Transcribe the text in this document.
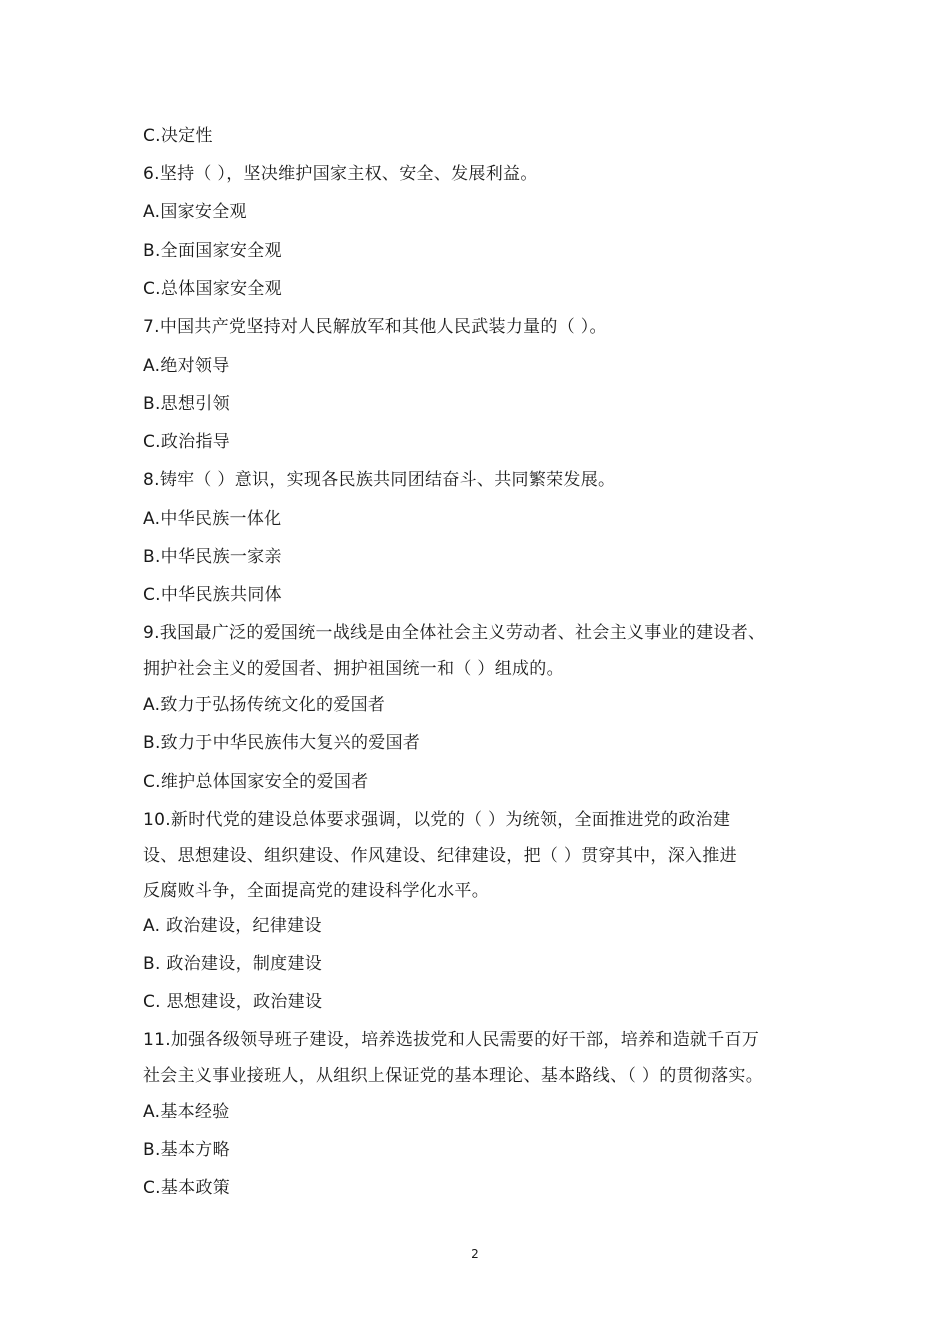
C.决定性
6.坚持（ ），坚决维护国家主权、安全、发展利益。
A.国家安全观
B.全面国家安全观
C.总体国家安全观
7.中国共产党坚持对人民解放军和其他人民武装力量的（ ）。
A.绝对领导
B.思想引领
C.政治指导
8.铸牢（ ）意识，实现各民族共同团结奋斗、共同繁荣发展。
A.中华民族一体化
B.中华民族一家亲
C.中华民族共同体
9.我国最广泛的爱国统一战线是由全体社会主义劳动者、社会主义事业的建设者、
拥护社会主义的爱国者、拥护祖国统一和（ ）组成的。
A.致力于弘扬传统文化的爱国者
B.致力于中华民族伟大复兴的爱国者
C.维护总体国家安全的爱国者
10.新时代党的建设总体要求强调，以党的（ ）为统领，全面推进党的政治建
设、思想建设、组织建设、作风建设、纪律建设，把（ ）贯穿其中，深入推进
反腐败斗争，全面提高党的建设科学化水平。
A. 政治建设，纪律建设
B. 政治建设，制度建设
C. 思想建设，政治建设
11.加强各级领导班子建设，培养选拔党和人民需要的好干部，培养和造就千百万
社会主义事业接班人，从组织上保证党的基本理论、基本路线、（ ）的贯彻落实。
A.基本经验
B.基本方略
C.基本政策
2
